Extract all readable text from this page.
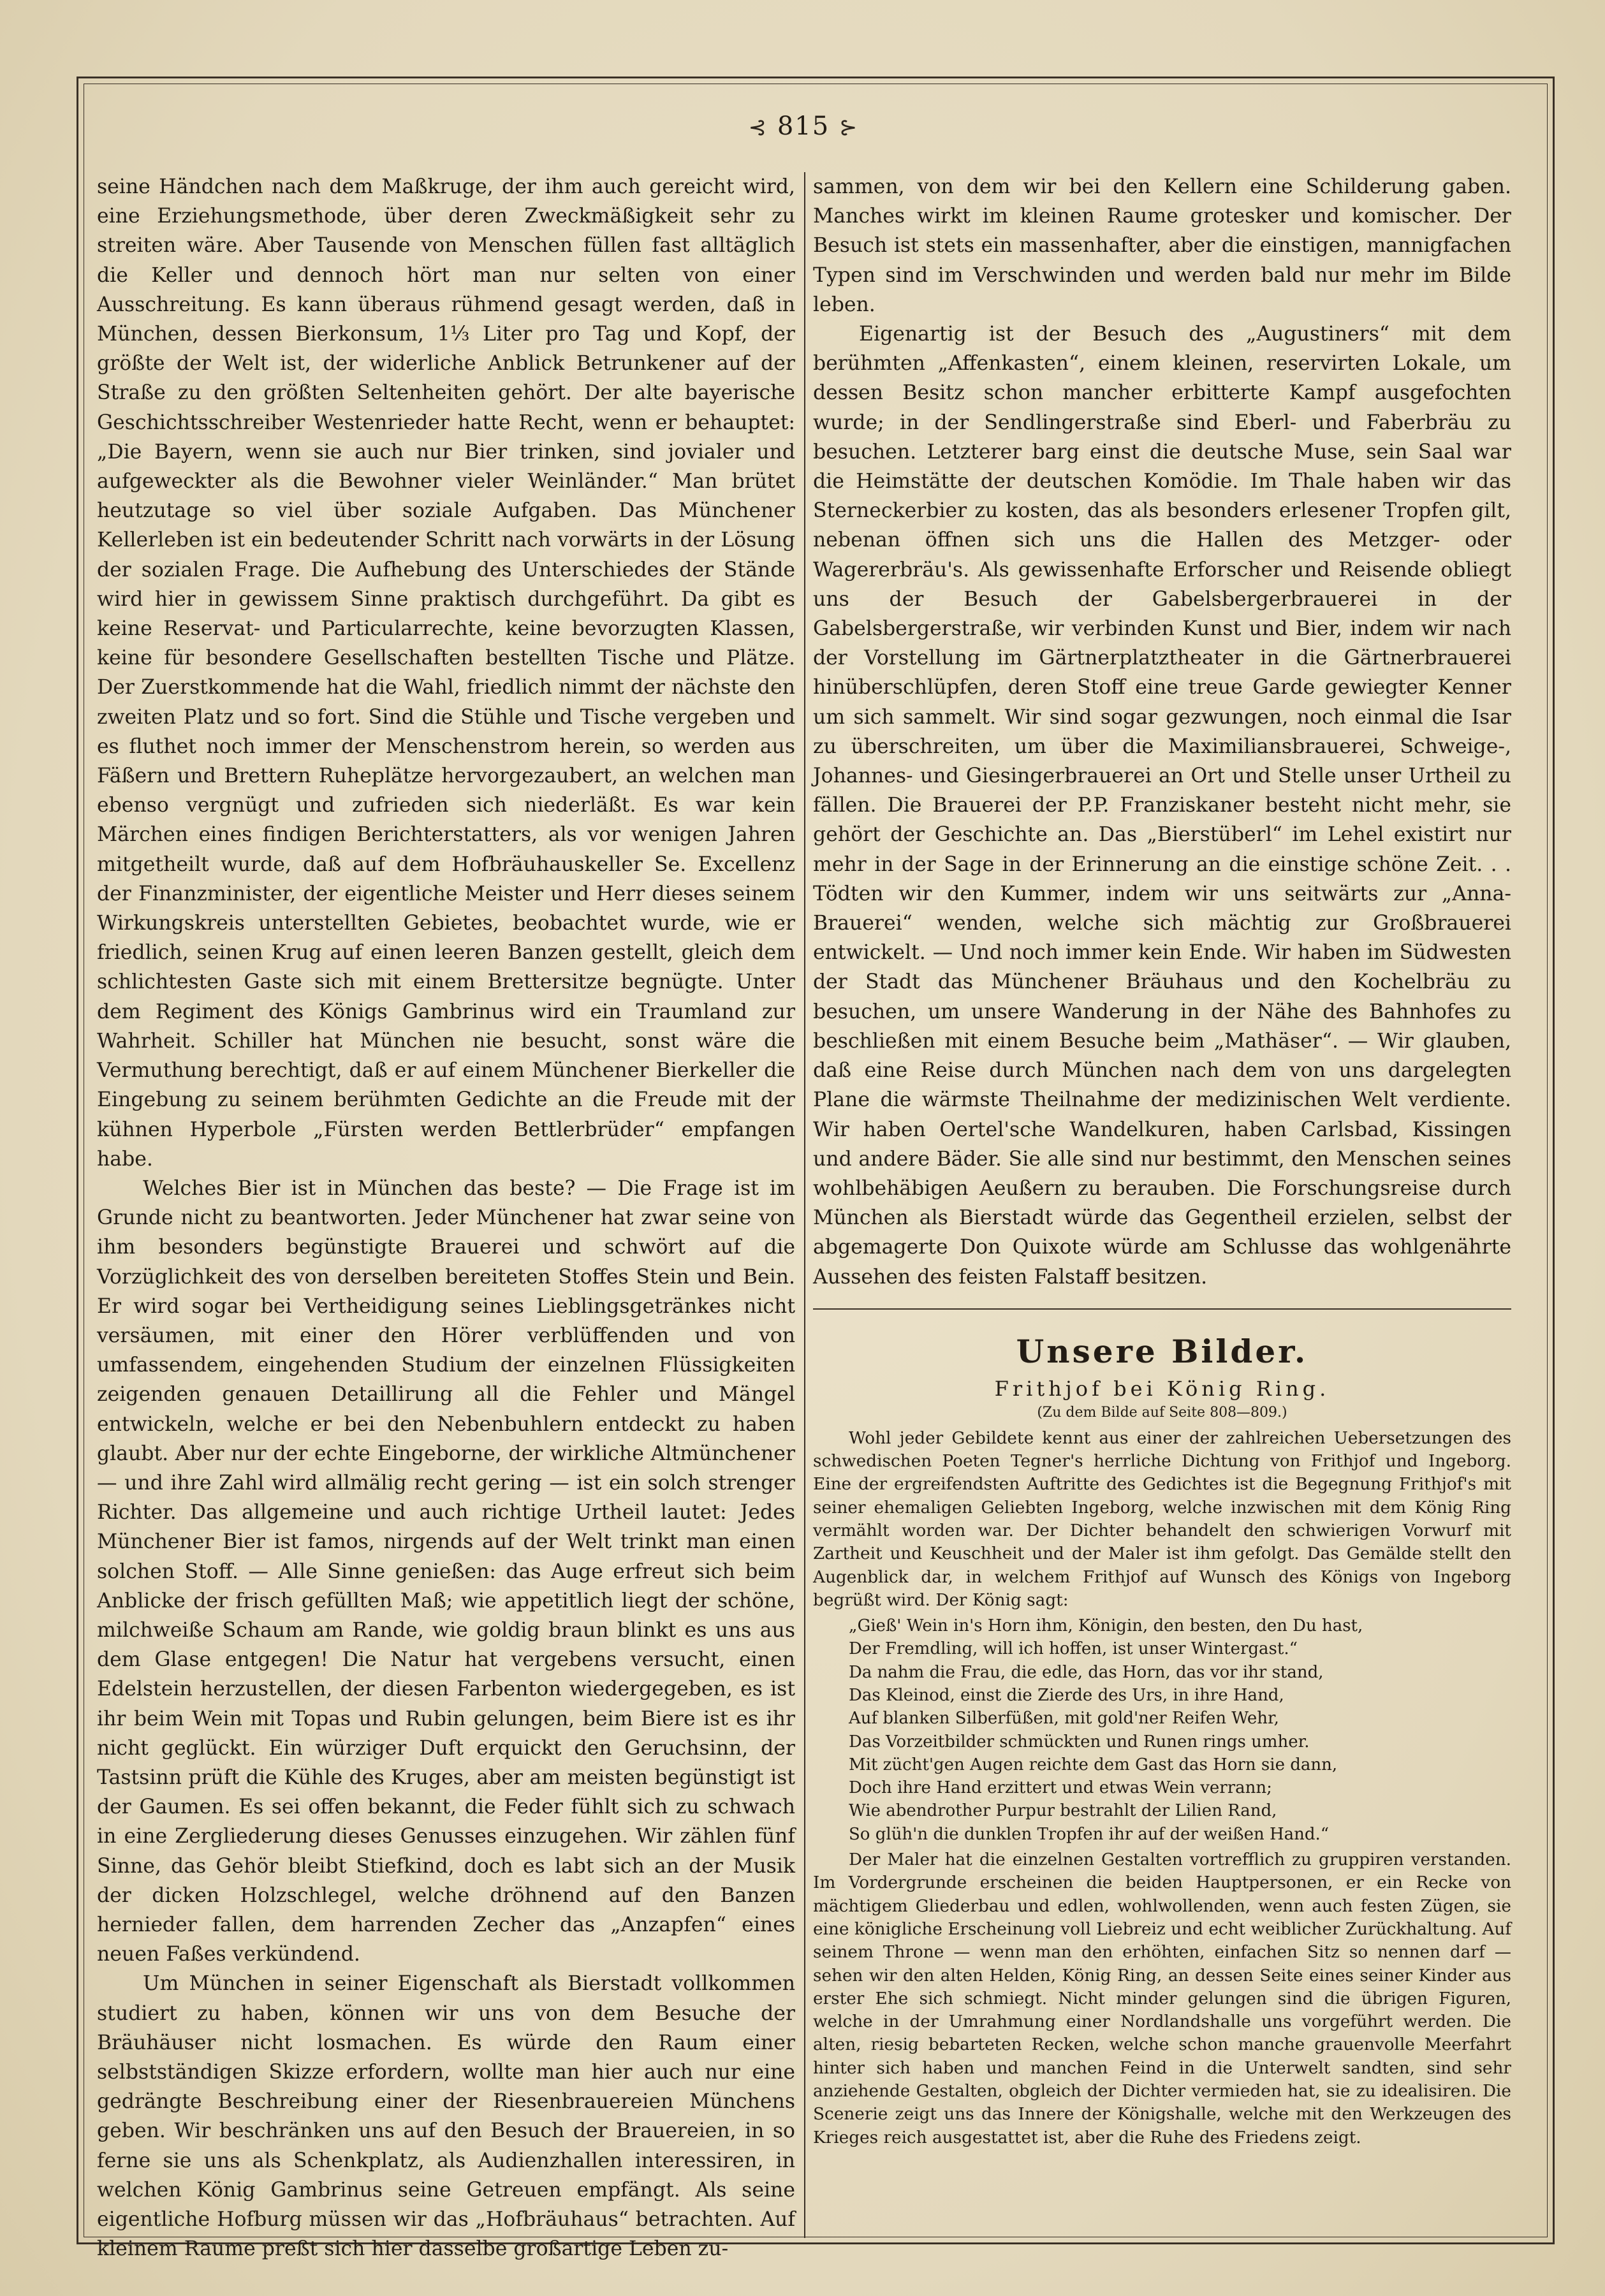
⊰ 815 ⊱

seine Händchen nach dem Maßkruge, der ihm auch gereicht wird, eine Erziehungsmethode, über deren Zweckmäßigkeit sehr zu streiten wäre. Aber Tausende von Menschen füllen fast alltäglich die Keller und dennoch hört man nur selten von einer Ausschreitung. Es kann überaus rühmend gesagt werden, daß in München, dessen Bierkonsum, 1⅓ Liter pro Tag und Kopf, der größte der Welt ist, der widerliche Anblick Betrunkener auf der Straße zu den größten Seltenheiten gehört. Der alte bayerische Geschichtsschreiber Westenrieder hatte Recht, wenn er behauptet: „Die Bayern, wenn sie auch nur Bier trinken, sind jovialer und aufgeweckter als die Bewohner vieler Weinländer.“ Man brütet heutzutage so viel über soziale Aufgaben. Das Münchener Kellerleben ist ein bedeutender Schritt nach vorwärts in der Lösung der sozialen Frage. Die Aufhebung des Unterschiedes der Stände wird hier in gewissem Sinne praktisch durchgeführt. Da gibt es keine Reservat- und Particularrechte, keine bevorzugten Klassen, keine für besondere Gesellschaften bestellten Tische und Plätze. Der Zuerstkommende hat die Wahl, friedlich nimmt der nächste den zweiten Platz und so fort. Sind die Stühle und Tische vergeben und es fluthet noch immer der Menschenstrom herein, so werden aus Fäßern und Brettern Ruheplätze hervorgezaubert, an welchen man ebenso vergnügt und zufrieden sich niederläßt. Es war kein Märchen eines findigen Berichterstatters, als vor wenigen Jahren mitgetheilt wurde, daß auf dem Hofbräuhauskeller Se. Excellenz der Finanzminister, der eigentliche Meister und Herr dieses seinem Wirkungskreis unterstellten Gebietes, beobachtet wurde, wie er friedlich, seinen Krug auf einen leeren Banzen gestellt, gleich dem schlichtesten Gaste sich mit einem Brettersitze begnügte. Unter dem Regiment des Königs Gambrinus wird ein Traumland zur Wahrheit. Schiller hat München nie besucht, sonst wäre die Vermuthung berechtigt, daß er auf einem Münchener Bierkeller die Eingebung zu seinem berühmten Gedichte an die Freude mit der kühnen Hyperbole „Fürsten werden Bettlerbrüder“ empfangen habe.

Welches Bier ist in München das beste? — Die Frage ist im Grunde nicht zu beantworten. Jeder Münchener hat zwar seine von ihm besonders begünstigte Brauerei und schwört auf die Vorzüglichkeit des von derselben bereiteten Stoffes Stein und Bein. Er wird sogar bei Vertheidigung seines Lieblingsgetränkes nicht versäumen, mit einer den Hörer verblüffenden und von umfassendem, eingehenden Studium der einzelnen Flüssigkeiten zeigenden genauen Detaillirung all die Fehler und Mängel entwickeln, welche er bei den Nebenbuhlern entdeckt zu haben glaubt. Aber nur der echte Eingeborne, der wirkliche Altmünchener — und ihre Zahl wird allmälig recht gering — ist ein solch strenger Richter. Das allgemeine und auch richtige Urtheil lautet: Jedes Münchener Bier ist famos, nirgends auf der Welt trinkt man einen solchen Stoff. — Alle Sinne genießen: das Auge erfreut sich beim Anblicke der frisch gefüllten Maß; wie appetitlich liegt der schöne, milchweiße Schaum am Rande, wie goldig braun blinkt es uns aus dem Glase entgegen! Die Natur hat vergebens versucht, einen Edelstein herzustellen, der diesen Farbenton wiedergegeben, es ist ihr beim Wein mit Topas und Rubin gelungen, beim Biere ist es ihr nicht geglückt. Ein würziger Duft erquickt den Geruchsinn, der Tastsinn prüft die Kühle des Kruges, aber am meisten begünstigt ist der Gaumen. Es sei offen bekannt, die Feder fühlt sich zu schwach in eine Zergliederung dieses Genusses einzugehen. Wir zählen fünf Sinne, das Gehör bleibt Stiefkind, doch es labt sich an der Musik der dicken Holzschlegel, welche dröhnend auf den Banzen hernieder fallen, dem harrenden Zecher das „Anzapfen“ eines neuen Faßes verkündend.

Um München in seiner Eigenschaft als Bierstadt vollkommen studiert zu haben, können wir uns von dem Besuche der Bräuhäuser nicht losmachen. Es würde den Raum einer selbstständigen Skizze erfordern, wollte man hier auch nur eine gedrängte Beschreibung einer der Riesenbrauereien Münchens geben. Wir beschränken uns auf den Besuch der Brauereien, in so ferne sie uns als Schenkplatz, als Audienzhallen interessiren, in welchen König Gambrinus seine Getreuen empfängt. Als seine eigentliche Hofburg müssen wir das „Hofbräuhaus“ betrachten. Auf kleinem Raume preßt sich hier dasselbe großartige Leben zu-

sammen, von dem wir bei den Kellern eine Schilderung gaben. Manches wirkt im kleinen Raume grotesker und komischer. Der Besuch ist stets ein massenhafter, aber die einstigen, mannigfachen Typen sind im Verschwinden und werden bald nur mehr im Bilde leben.

Eigenartig ist der Besuch des „Augustiners“ mit dem berühmten „Affenkasten“, einem kleinen, reservirten Lokale, um dessen Besitz schon mancher erbitterte Kampf ausgefochten wurde; in der Sendlingerstraße sind Eberl- und Faberbräu zu besuchen. Letzterer barg einst die deutsche Muse, sein Saal war die Heimstätte der deutschen Komödie. Im Thale haben wir das Sterneckerbier zu kosten, das als besonders erlesener Tropfen gilt, nebenan öffnen sich uns die Hallen des Metzger- oder Wagererbräu's. Als gewissenhafte Erforscher und Reisende obliegt uns der Besuch der Gabelsbergerbrauerei in der Gabelsbergerstraße, wir verbinden Kunst und Bier, indem wir nach der Vorstellung im Gärtnerplatztheater in die Gärtnerbrauerei hinüberschlüpfen, deren Stoff eine treue Garde gewiegter Kenner um sich sammelt. Wir sind sogar gezwungen, noch einmal die Isar zu überschreiten, um über die Maximiliansbrauerei, Schweige-, Johannes- und Giesingerbrauerei an Ort und Stelle unser Urtheil zu fällen. Die Brauerei der P.P. Franziskaner besteht nicht mehr, sie gehört der Geschichte an. Das „Bierstüberl“ im Lehel existirt nur mehr in der Sage in der Erinnerung an die einstige schöne Zeit. . . Tödten wir den Kummer, indem wir uns seitwärts zur „Anna-Brauerei“ wenden, welche sich mächtig zur Großbrauerei entwickelt. — Und noch immer kein Ende. Wir haben im Südwesten der Stadt das Münchener Bräuhaus und den Kochelbräu zu besuchen, um unsere Wanderung in der Nähe des Bahnhofes zu beschließen mit einem Besuche beim „Mathäser“. — Wir glauben, daß eine Reise durch München nach dem von uns dargelegten Plane die wärmste Theilnahme der medizinischen Welt verdiente. Wir haben Oertel'sche Wandelkuren, haben Carlsbad, Kissingen und andere Bäder. Sie alle sind nur bestimmt, den Menschen seines wohlbehäbigen Aeußern zu berauben. Die Forschungsreise durch München als Bierstadt würde das Gegentheil erzielen, selbst der abgemagerte Don Quixote würde am Schlusse das wohlgenährte Aussehen des feisten Falstaff besitzen.

Unsere Bilder.
Frithjof bei König Ring.
(Zu dem Bilde auf Seite 808—809.)

Wohl jeder Gebildete kennt aus einer der zahlreichen Uebersetzungen des schwedischen Poeten Tegner's herrliche Dichtung von Frithjof und Ingeborg. Eine der ergreifendsten Auftritte des Gedichtes ist die Begegnung Frithjof's mit seiner ehemaligen Geliebten Ingeborg, welche inzwischen mit dem König Ring vermählt worden war. Der Dichter behandelt den schwierigen Vorwurf mit Zartheit und Keuschheit und der Maler ist ihm gefolgt. Das Gemälde stellt den Augenblick dar, in welchem Frithjof auf Wunsch des Königs von Ingeborg begrüßt wird. Der König sagt:

„Gieß' Wein in's Horn ihm, Königin, den besten, den Du hast,
Der Fremdling, will ich hoffen, ist unser Wintergast.“
Da nahm die Frau, die edle, das Horn, das vor ihr stand,
Das Kleinod, einst die Zierde des Urs, in ihre Hand,
Auf blanken Silberfüßen, mit gold'ner Reifen Wehr,
Das Vorzeitbilder schmückten und Runen rings umher.
Mit zücht'gen Augen reichte dem Gast das Horn sie dann,
Doch ihre Hand erzittert und etwas Wein verrann;
Wie abendrother Purpur bestrahlt der Lilien Rand,
So glüh'n die dunklen Tropfen ihr auf der weißen Hand.“

Der Maler hat die einzelnen Gestalten vortrefflich zu gruppiren verstanden. Im Vordergrunde erscheinen die beiden Hauptpersonen, er ein Recke von mächtigem Gliederbau und edlen, wohlwollenden, wenn auch festen Zügen, sie eine königliche Erscheinung voll Liebreiz und echt weiblicher Zurückhaltung. Auf seinem Throne — wenn man den erhöhten, einfachen Sitz so nennen darf — sehen wir den alten Helden, König Ring, an dessen Seite eines seiner Kinder aus erster Ehe sich schmiegt. Nicht minder gelungen sind die übrigen Figuren, welche in der Umrahmung einer Nordlandshalle uns vorgeführt werden. Die alten, riesig bebarteten Recken, welche schon manche grauenvolle Meerfahrt hinter sich haben und manchen Feind in die Unterwelt sandten, sind sehr anziehende Gestalten, obgleich der Dichter vermieden hat, sie zu idealisiren. Die Scenerie zeigt uns das Innere der Königshalle, welche mit den Werkzeugen des Krieges reich ausgestattet ist, aber die Ruhe des Friedens zeigt.
